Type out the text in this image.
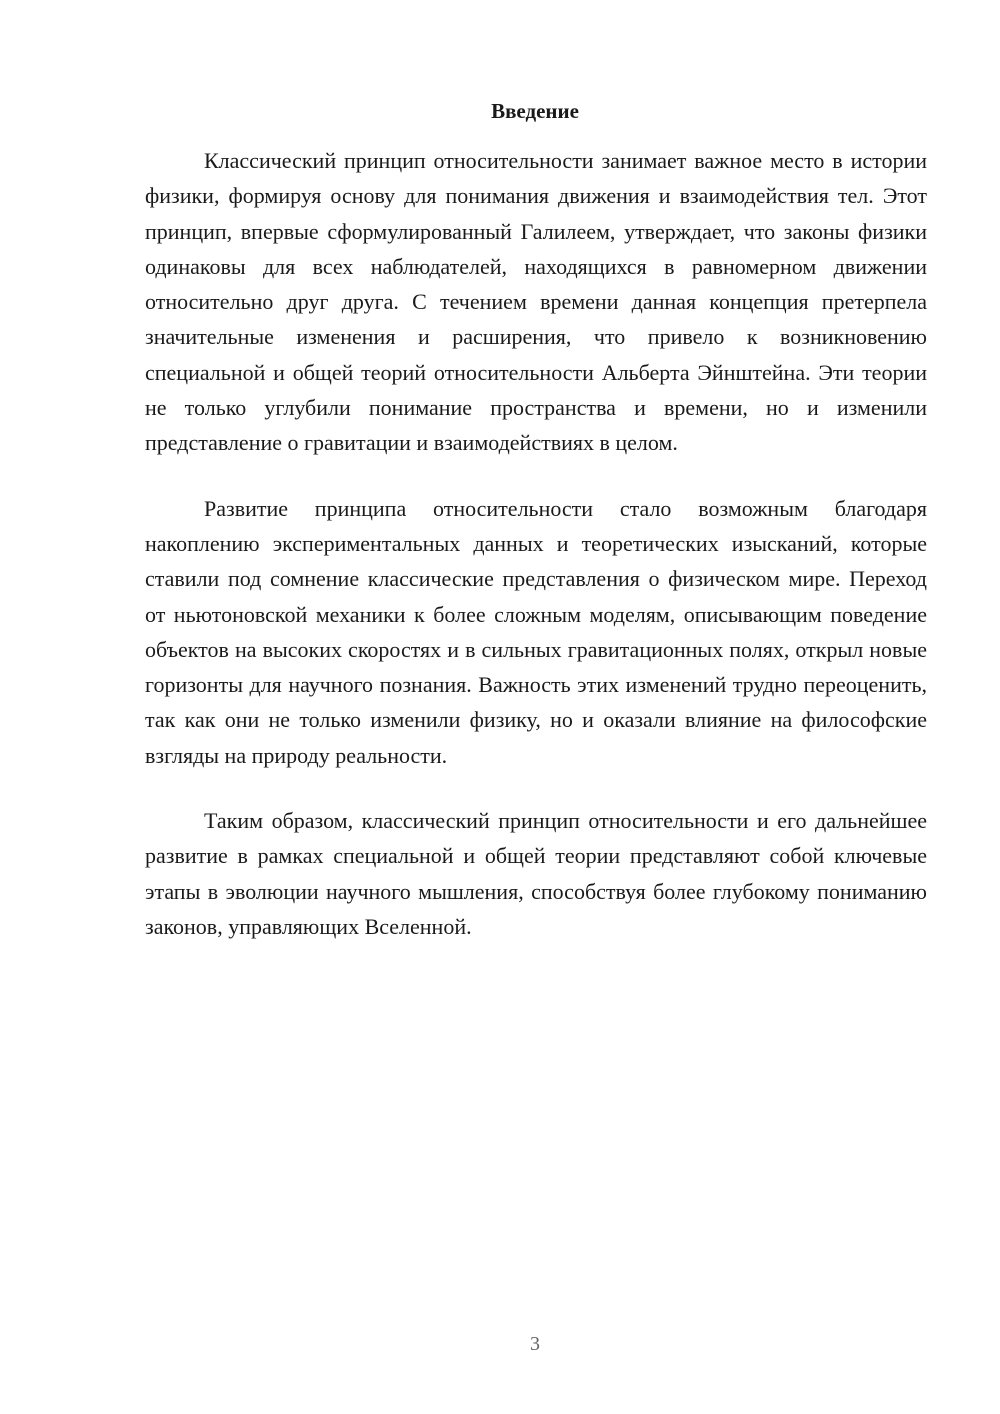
Введение

Классический принцип относительности занимает важное место в истории физики, формируя основу для понимания движения и взаимодействия тел. Этот принцип, впервые сформулированный Галилеем, утверждает, что законы физики одинаковы для всех наблюдателей, находящихся в равномерном движении относительно друг друга. С течением времени данная концепция претерпела значительные изменения и расширения, что привело к возникновению специальной и общей теорий относительности Альберта Эйнштейна. Эти теории не только углубили понимание пространства и времени, но и изменили представление о гравитации и взаимодействиях в целом.

Развитие принципа относительности стало возможным благодаря накоплению экспериментальных данных и теоретических изысканий, которые ставили под сомнение классические представления о физическом мире. Переход от ньютоновской механики к более сложным моделям, описывающим поведение объектов на высоких скоростях и в сильных гравитационных полях, открыл новые горизонты для научного познания. Важность этих изменений трудно переоценить, так как они не только изменили физику, но и оказали влияние на философские взгляды на природу реальности.

Таким образом, классический принцип относительности и его дальнейшее развитие в рамках специальной и общей теории представляют собой ключевые этапы в эволюции научного мышления, способствуя более глубокому пониманию законов, управляющих Вселенной.

3
